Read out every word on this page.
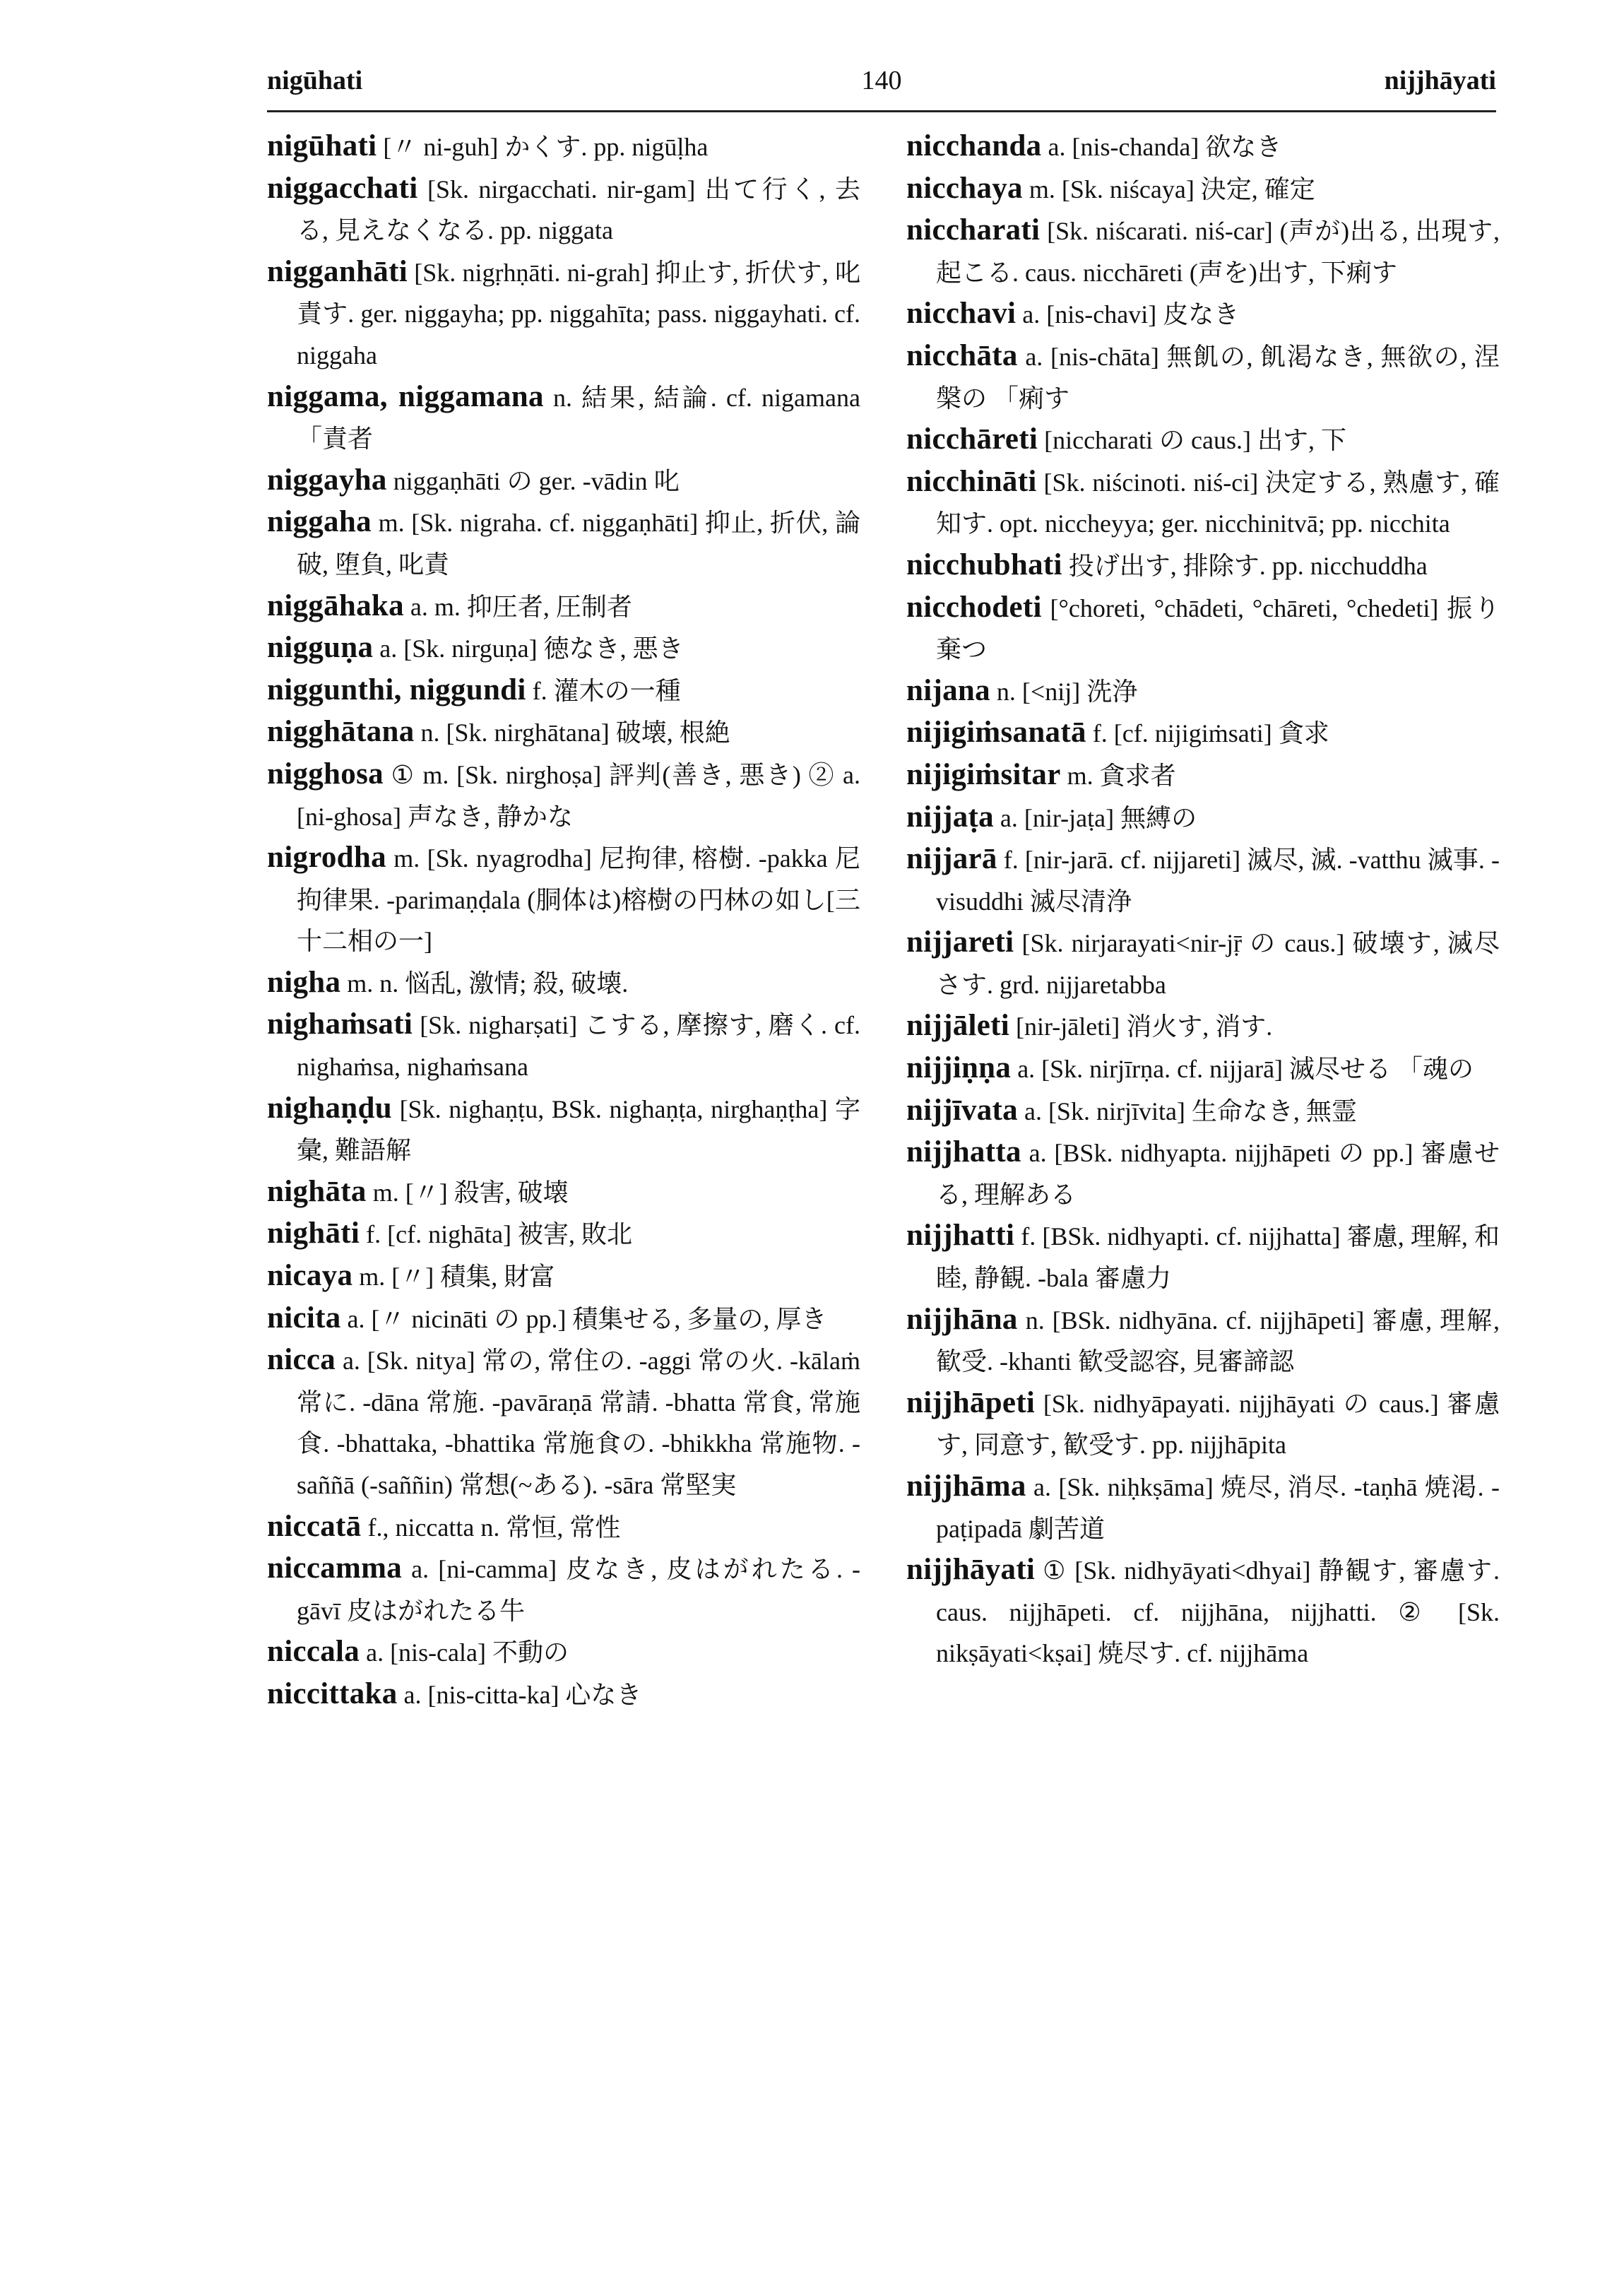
nigūhati	140	nijjhāyati

nigūhati [〃 ni-guh] かくす. pp. nigūḷha

niggacchati [Sk. nirgacchati. nir-gam] 出て行く, 去る, 見えなくなる. pp. niggata

nigganhāti [Sk. nigṛhṇāti. ni-grah] 抑止す, 折伏す, 叱責す. ger. niggayha; pp. niggahīta; pass. niggayhati. cf. niggaha

niggama, niggamana n. 結果, 結論. cf. nigamana 「責者

niggayha niggaṇhāti の ger. -vādin 叱

niggaha m. [Sk. nigraha. cf. niggaṇhāti] 抑止, 折伏, 論破, 堕負, 叱責

niggāhaka a. m. 抑圧者, 圧制者

nigguṇa a. [Sk. nirguṇa] 徳なき, 悪き

niggunthi, niggundi f. 灌木の一種

nigghātana n. [Sk. nirghātana] 破壊, 根絶

nigghosa ① m. [Sk. nirghoṣa] 評判(善き, 悪き) ② a. [ni-ghosa] 声なき, 静かな

nigrodha m. [Sk. nyagrodha] 尼拘律, 榕樹. -pakka 尼拘律果. -parimaṇḍala (胴体は)榕樹の円林の如し[三十二相の一]

nigha m. n. 悩乱, 激情; 殺, 破壊.

nighaṁsati [Sk. nigharṣati] こする, 摩擦す, 磨く. cf. nighaṁsa, nighaṁsana

nighaṇḍu [Sk. nighaṇṭu, BSk. nighaṇṭa, nirghaṇṭha] 字彙, 難語解

nighāta m. [〃] 殺害, 破壊

nighāti f. [cf. nighāta] 被害, 敗北

nicaya m. [〃] 積集, 財富

nicita a. [〃 nicināti の pp.] 積集せる, 多量の, 厚き

nicca a. [Sk. nitya] 常の, 常住の. -aggi 常の火. -kālaṁ 常に. -dāna 常施. -pavāraṇā 常請. -bhatta 常食, 常施食. -bhattaka, -bhattika 常施食の. -bhikkha 常施物. -saññā (-saññin) 常想(~ある). -sāra 常堅実

niccatā f., niccatta n. 常恒, 常性

niccamma a. [ni-camma] 皮なき, 皮はがれたる. -gāvī 皮はがれたる牛

niccala a. [nis-cala] 不動の

niccittaka a. [nis-citta-ka] 心なき

nicchanda a. [nis-chanda] 欲なき

nicchaya m. [Sk. niścaya] 決定, 確定

niccharati [Sk. niścarati. niś-car] (声が)出る, 出現す, 起こる. caus. nicchāreti (声を)出す, 下痢す

nicchavi a. [nis-chavi] 皮なき

nicchāta a. [nis-chāta] 無飢の, 飢渇なき, 無欲の, 涅槃の 「痢す

nicchāreti [niccharati の caus.] 出す, 下

nicchināti [Sk. niścinoti. niś-ci] 決定する, 熟慮す, 確知す. opt. niccheyya; ger. nicchinitvā; pp. nicchita

nicchubhati 投げ出す, 排除す. pp. nicchuddha

nicchodeti [°choreti, °chādeti, °chāreti, °chedeti] 振り棄つ

nijana n. [<nij] 洗浄

nijigiṁsanatā f. [cf. nijigiṁsati] 貪求

nijigiṁsitar m. 貪求者

nijjaṭa a. [nir-jaṭa] 無縛の

nijjarā f. [nir-jarā. cf. nijjareti] 滅尽, 滅. -vatthu 滅事. -visuddhi 滅尽清浄

nijjareti [Sk. nirjarayati<nir-jṝ の caus.] 破壊す, 滅尽さす. grd. nijjaretabba

nijjāleti [nir-jāleti] 消火す, 消す.

nijjiṇṇa a. [Sk. nirjīrṇa. cf. nijjarā] 滅尽せる 「魂の

nijjīvata a. [Sk. nirjīvita] 生命なき, 無霊

nijjhatta a. [BSk. nidhyapta. nijjhāpeti の pp.] 審慮せる, 理解ある

nijjhatti f. [BSk. nidhyapti. cf. nijjhatta] 審慮, 理解, 和睦, 静観. -bala 審慮力

nijjhāna n. [BSk. nidhyāna. cf. nijjhāpeti] 審慮, 理解, 歓受. -khanti 歓受認容, 見審諦認

nijjhāpeti [Sk. nidhyāpayati. nijjhāyati の caus.] 審慮す, 同意す, 歓受す. pp. nijjhāpita

nijjhāma a. [Sk. niḥkṣāma] 焼尽, 消尽. -taṇhā 焼渇. -paṭipadā 劇苦道

nijjhāyati ① [Sk. nidhyāyati<dhyai] 静観す, 審慮す. caus. nijjhāpeti. cf. nijjhāna, nijjhatti. ② [Sk. nikṣāyati<kṣai] 焼尽す. cf. nijjhāma
